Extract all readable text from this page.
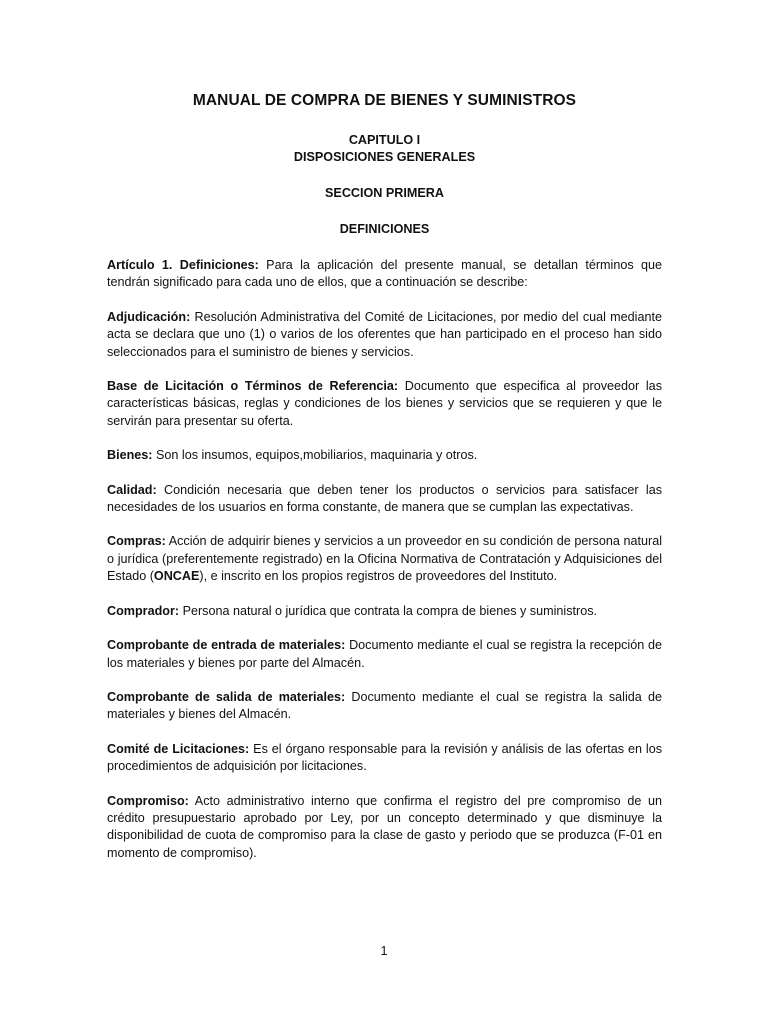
MANUAL DE COMPRA DE BIENES Y SUMINISTROS
CAPITULO I
DISPOSICIONES GENERALES
SECCION PRIMERA
DEFINICIONES

Artículo 1. Definiciones: Para la aplicación del presente manual, se detallan términos que tendrán significado para cada uno de ellos, que a continuación se describe:

Adjudicación: Resolución Administrativa del Comité de Licitaciones, por medio del cual mediante acta se declara que uno (1) o varios de los oferentes que han participado en el proceso han sido seleccionados para el suministro de bienes y servicios.

Base de Licitación o Términos de Referencia: Documento que especifica al proveedor las características básicas, reglas y condiciones de los bienes y servicios que se requieren y que le servirán para presentar su oferta.

Bienes: Son los insumos, equipos,mobiliarios, maquinaria y otros.

Calidad: Condición necesaria que deben tener los productos o servicios para satisfacer las necesidades de los usuarios en forma constante, de manera que se cumplan las expectativas.

Compras: Acción de adquirir bienes y servicios a un proveedor en su condición de persona natural o jurídica (preferentemente registrado) en la Oficina Normativa de Contratación y Adquisiciones del Estado (ONCAE), e inscrito en los propios registros de proveedores del Instituto.

Comprador: Persona natural o jurídica que contrata la compra de bienes y suministros.

Comprobante de entrada de materiales: Documento mediante el cual se registra la recepción de los materiales y bienes por parte del Almacén.

Comprobante de salida de materiales: Documento mediante el cual se registra la salida de materiales y bienes del Almacén.

Comité de Licitaciones: Es el órgano responsable para la revisión y análisis de las ofertas en los procedimientos de adquisición por licitaciones.

Compromiso: Acto administrativo interno que confirma el registro del pre compromiso de un crédito presupuestario aprobado por Ley, por un concepto determinado y que disminuye la disponibilidad de cuota de compromiso para la clase de gasto y periodo que se produzca (F-01 en momento de compromiso).

1
